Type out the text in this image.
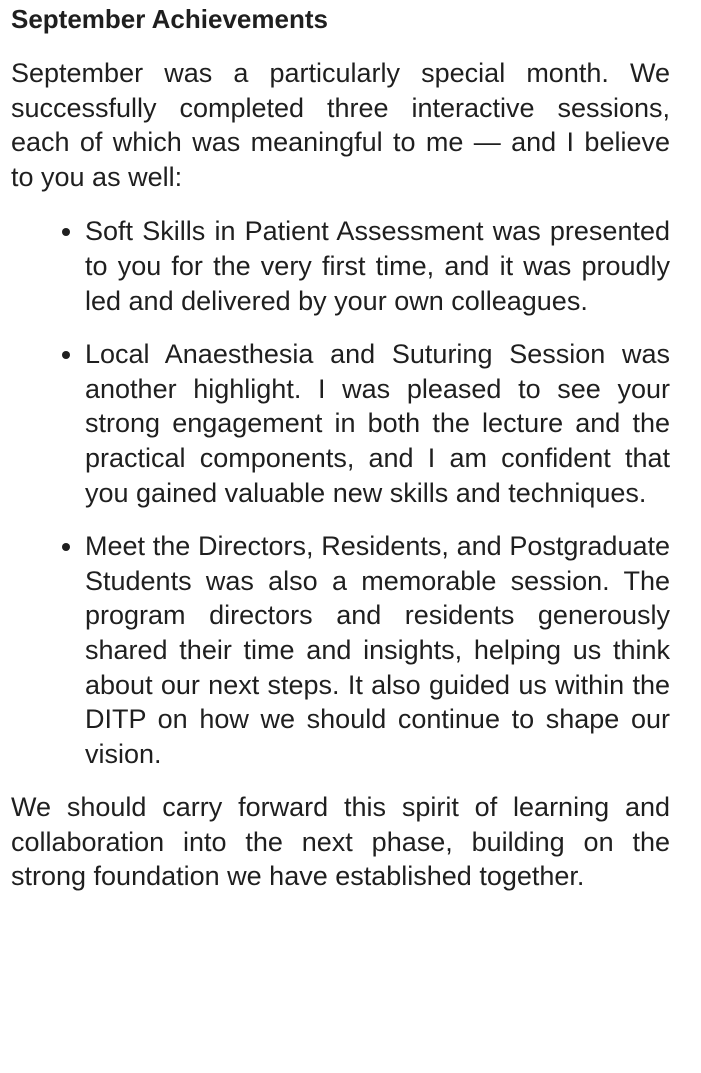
September Achievements

September was a particularly special month. We successfully completed three interactive sessions, each of which was meaningful to me — and I believe to you as well:

Soft Skills in Patient Assessment was presented to you for the very first time, and it was proudly led and delivered by your own colleagues.
Local Anaesthesia and Suturing Session was another highlight. I was pleased to see your strong engagement in both the lecture and the practical components, and I am confident that you gained valuable new skills and techniques.
Meet the Directors, Residents, and Postgraduate Students was also a memorable session. The program directors and residents generously shared their time and insights, helping us think about our next steps. It also guided us within the DITP on how we should continue to shape our vision.

We should carry forward this spirit of learning and collaboration into the next phase, building on the strong foundation we have established together.
